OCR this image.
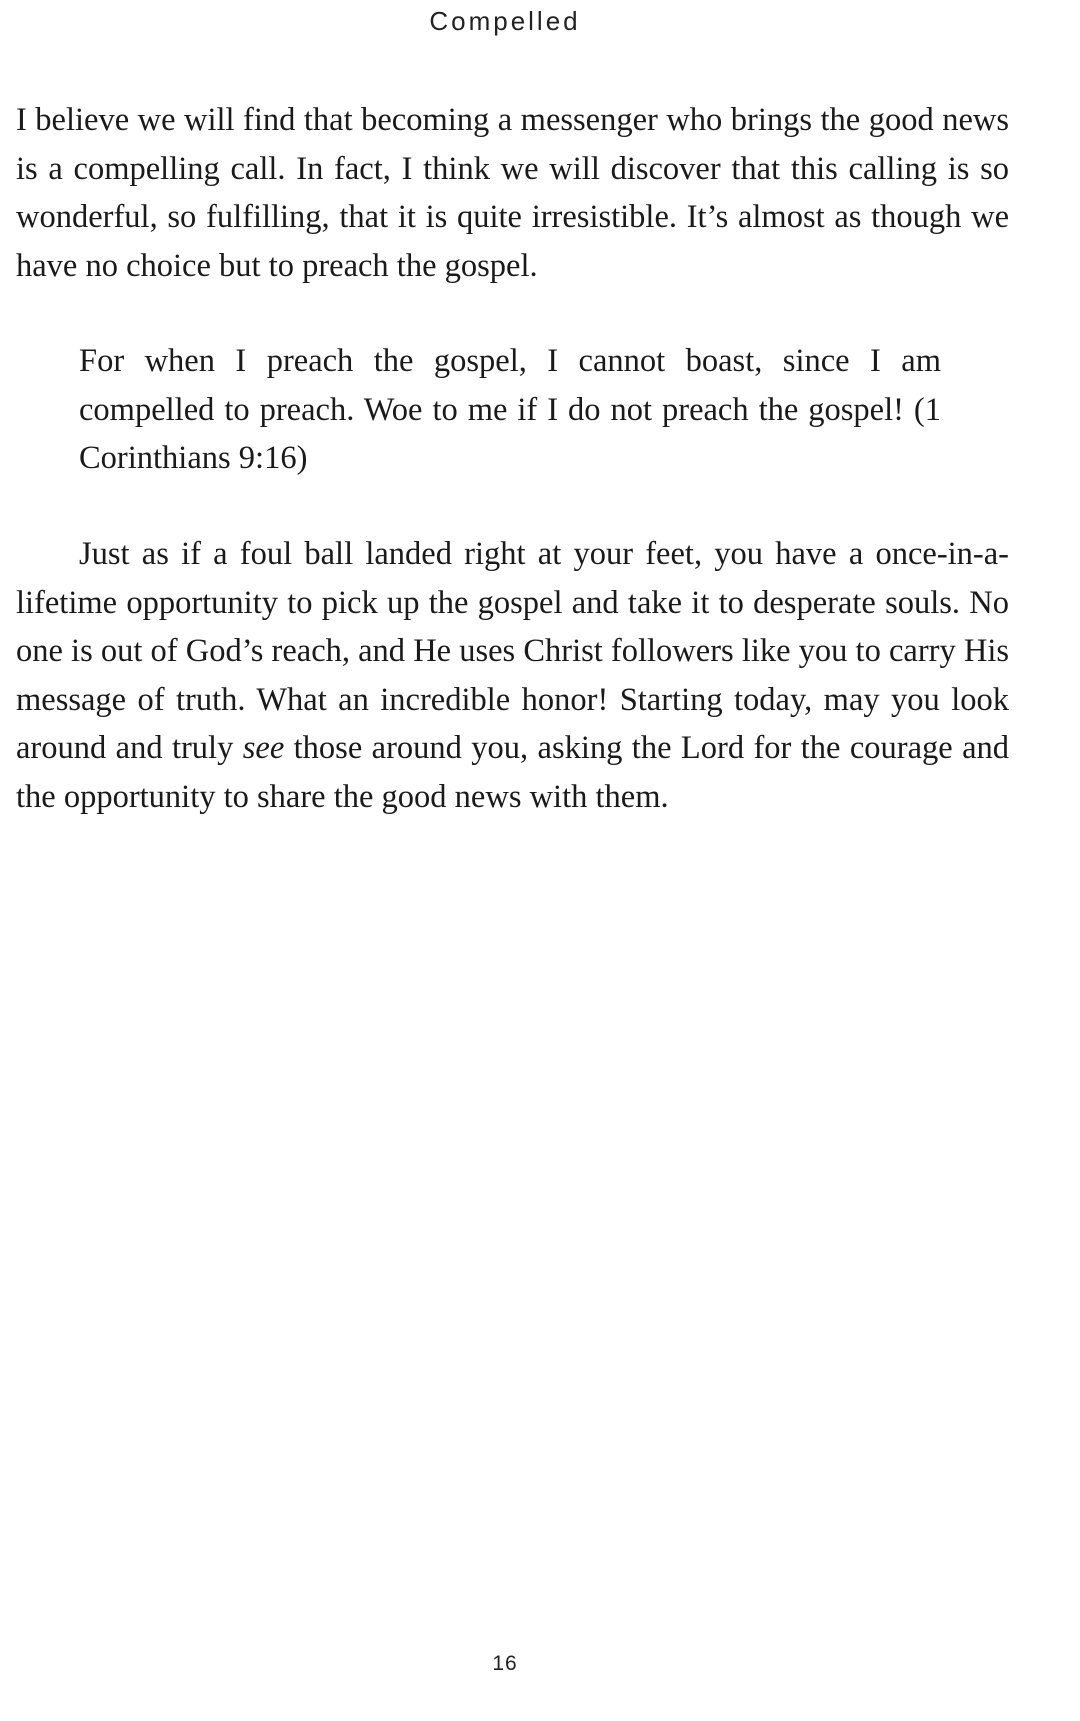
Compelled

I believe we will find that becoming a messenger who brings the good news is a compelling call. In fact, I think we will discover that this calling is so wonderful, so fulfilling, that it is quite irresistible. It’s almost as though we have no choice but to preach the gospel.

For when I preach the gospel, I cannot boast, since I am compelled to preach. Woe to me if I do not preach the gospel! (1 Corinthians 9:16)

Just as if a foul ball landed right at your feet, you have a once-in-a-lifetime opportunity to pick up the gospel and take it to desperate souls. No one is out of God’s reach, and He uses Christ followers like you to carry His message of truth. What an incredible honor! Starting today, may you look around and truly see those around you, asking the Lord for the courage and the opportunity to share the good news with them.

16
